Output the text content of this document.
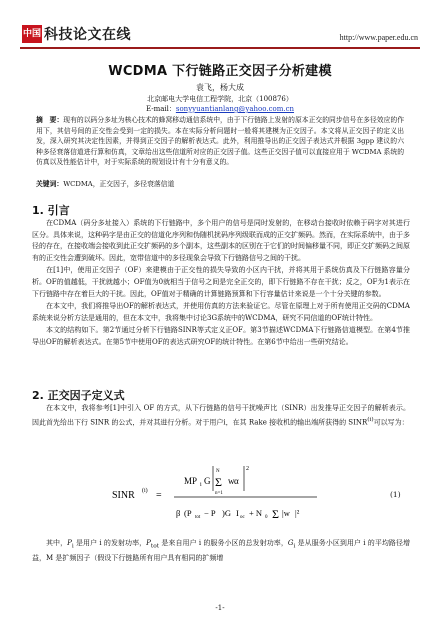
中国 科技论文在线	http://www.paper.edu.cn
WCDMA 下行链路正交因子分析建模
袁飞，杨大成
北京邮电大学电信工程学院，北京（100876）
E-mail：sonyyuantianlang@yahoo.com.cn
摘　要：现有的以码分多址为核心技术的蜂窝移动通信系统中，由于下行链路上发射的原本正交的同步信号在多径效应的作用下，其信号间的正交性会受到一定的损失。本在实际分析问题时一般将其建模为正交因子。本文将从正交因子的定义出发，深入研究其决定性因素，并得到正交因子的解析表达式。此外，利用推导出的正交因子表达式并根据 3gpp 建议的六种多径衰落信道进行算和仿真，文章给出这些信道所对应的正交因子值。这些正交因子值可以直接应用于 WCDMA 系统的仿真以及性能估计中，对于实际系统的规划设计有十分有意义的。
关键词：WCDMA，正交因子，多径衰落信道
1. 引言

在CDMA（码分多址接入）系统的下行链路中，多个用户的信号是同时发射的，在移动台接收时依赖于码字对其进行区分。具体来说，这种码字是由正交的信道化序列和伪随机扰码序列级联而成的正交扩频码。然而，在实际系统中，由于多径的存在，在接收端会接收到此正交扩频码的多个副本，这些副本的区别在于它们的时间偏移量不同，即正交扩频码之间原有的正交性会遭到破坏。因此，宽带信道中的多径现象会导致下行链路信号之间的干扰。

在[1]中，使用正交因子（OF）来建模由于正交性的损失导致的小区内干扰，并将其用于系统仿真及下行链路容量分析。OF的值越低，干扰就越小；OF值为0就相当于信号之间是完全正交的，即下行链路不存在干扰；反之，OF为1表示在下行链路中存在着巨大的干扰。因此，OF值对于精确的计算链路预算和下行容量估计来说是一个十分关键的参数。

在本文中，我们将推导出OF的解析表达式，并使用仿真的方法来验证它。尽管在原理上对于所有使用正交码的CDMA系统来说分析方法是通用的，但在本文中，我将集中讨论3G系统中的WCDMA，研究不同信道的OF统计特性。

本文的结构如下。第2节通过分析下行链路SINR等式定义正OF。第3节描述WCDMA下行链路信道模型。在第4节推导出OF的解析表达式。在第5节中使用OF的表达式研究OF的统计特性。在第6节中给出一些研究结论。

2. 正交因子定义式

在本文中，我将参考[1]中引入 OF 的方式，从下行链路的信号干扰噪声比（SINR）出发推导正交因子的解析表示。因此首先给出下行 SINR 的公式，并对其进行分析。对于用户i，在其 Rake 接收机的输出端所获得的 SINR$^{(i)}$可以写为：

SINR (i) =
MP i G
N
Σ
n=1
w α
2
β (P tot − P )G I oc + N 0 Σ |w |²
(1)
其中，$P_i$ 是用户 i 的发射功率，$P_{tot}$ 是来自用户 i 的服务小区的总发射功率，$G_i$ 是从服务小区到用户 i 的平均路径增益，M 是扩频因子（假设下行链路所有用户具有相同的扩频增
-1-
